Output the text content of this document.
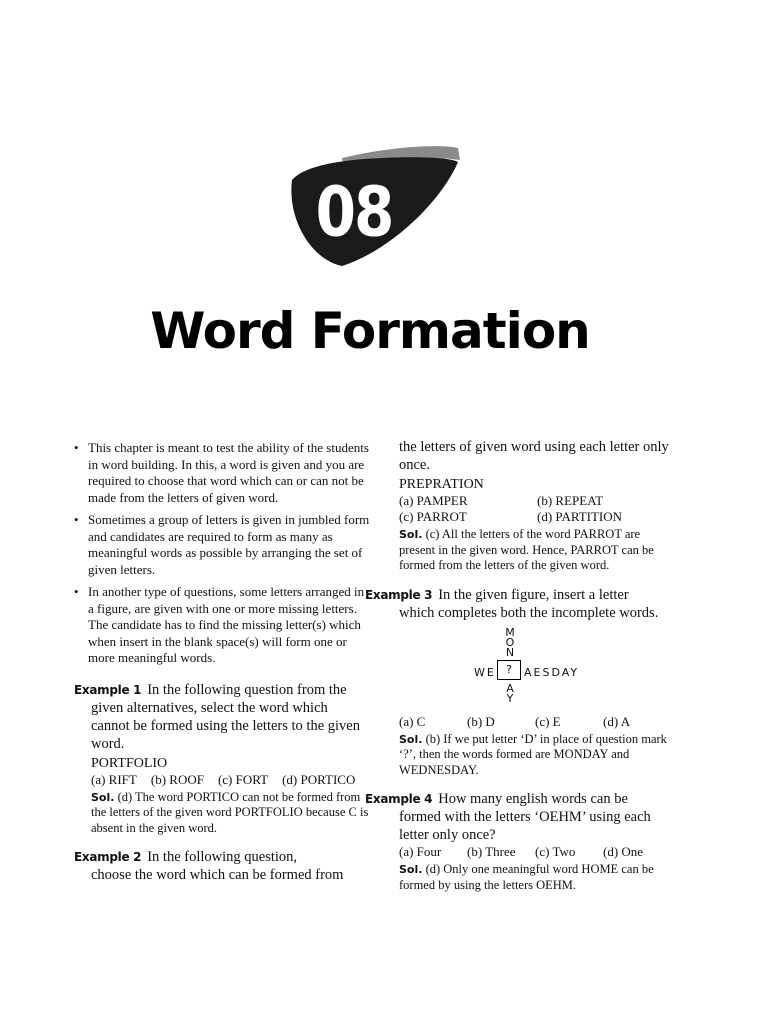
08
Word Formation
• This chapter is meant to test the ability of the students in word building. In this, a word is given and you are required to choose that word which can or can not be made from the letters of given word.
• Sometimes a group of letters is given in jumbled form and candidates are required to form as many as meaningful words as possible by arranging the set of given letters.
• In another type of questions, some letters arranged in a figure, are given with one or more missing letters. The candidate has to find the missing letter(s) which when insert in the blank space(s) will form one or more meaningful words.
Example 1 In the following question from the
given alternatives, select the word which cannot be formed using the letters to the given word.
PORTFOLIO
(a) RIFT (b) ROOF (c) FORT (d) PORTICO
Sol. (d) The word PORTICO can not be formed from the letters of the given word PORTFOLIO because C is absent in the given word.
Example 2 In the following question,
choose the word which can be formed from
the letters of given word using each letter only once.
PREPRATION
(a) PAMPER	(b) REPEAT
(c) PARROT	(d) PARTITION
Sol. (c) All the letters of the word PARROT are present in the given word. Hence, PARROT can be formed from the letters of the given word.
Example 3 In the given figure, insert a letter
which completes both the incomplete words.
M
O
N
WE ?	AESDAY
A
Y
(a) C	(b) D	(c) E	(d) A
Sol. (b) If we put letter ‘D’ in place of question mark ‘?’, then the words formed are MONDAY and WEDNESDAY.
Example 4 How many english words can be
formed with the letters ‘OEHM’ using each letter only once?
(a) Four	(b) Three	(c) Two	(d) One
Sol. (d) Only one meaningful word HOME can be formed by using the letters OEHM.
